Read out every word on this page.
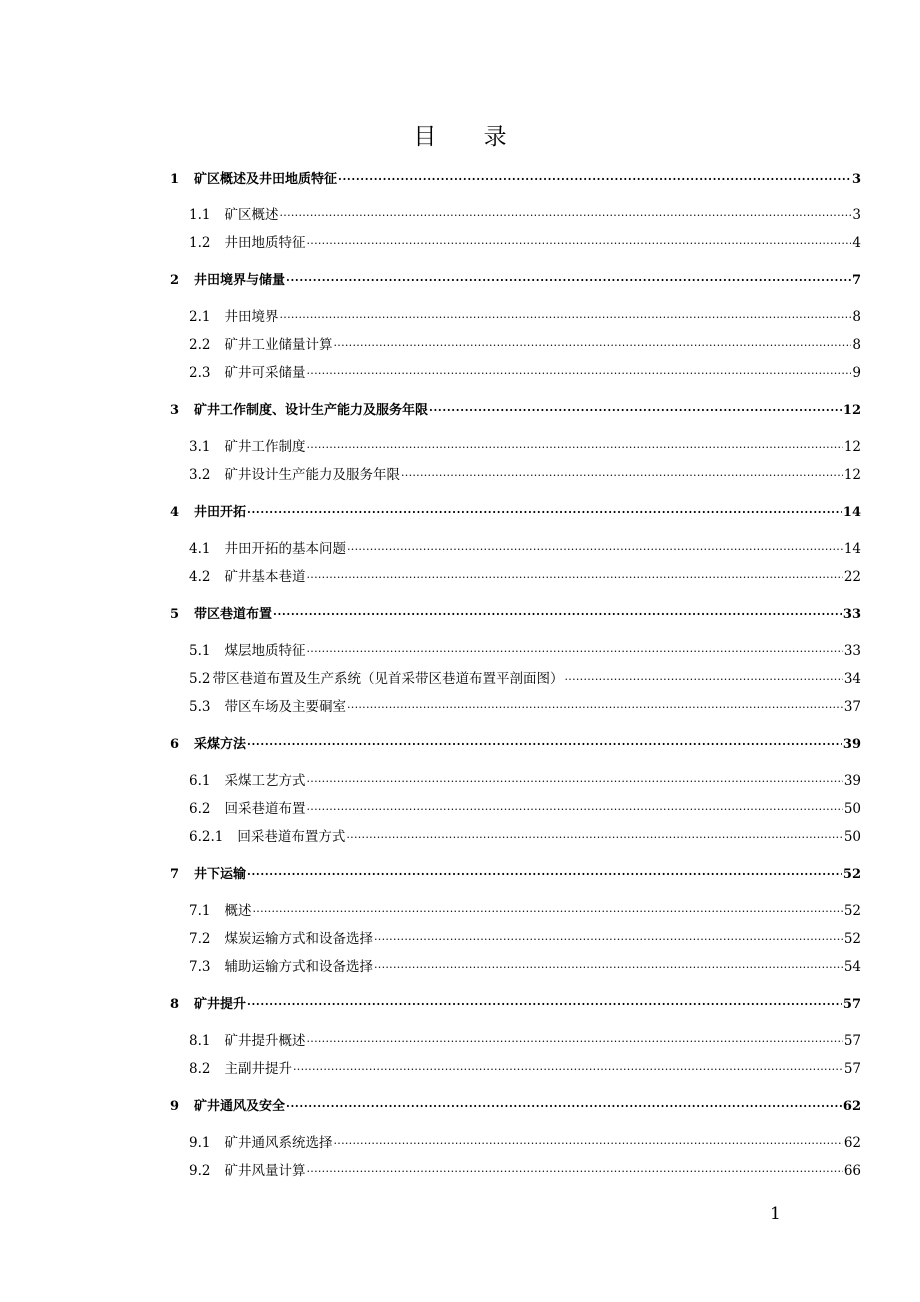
目 录
1	矿区概述及井田地质特征 . . .	3
1.1 矿区概述 . . .	3
1.2 井田地质特征 . . .	4
2	井田境界与储量 . . .	7
2.1 井田境界 . . .	8
2.2 矿井工业储量计算 . . .	8
2.3 矿井可采储量 . . .	9
3	矿井工作制度、设计生产能力及服务年限 . . .	12
3.1 矿井工作制度 . . .	12
3.2 矿井设计生产能力及服务年限 . . .	12
4	井田开拓 . . .	14
4.1 井田开拓的基本问题 . . .	14
4.2 矿井基本巷道 . . .	22
5	带区巷道布置 . . .	33
5.1 煤层地质特征 . . .	33
5.2 带区巷道布置及生产系统（见首采带区巷道布置平剖面图） . . .	34
5.3 带区车场及主要硐室 . . .	37
6	采煤方法 . . .	39
6.1 采煤工艺方式 . . .	39
6.2 回采巷道布置 . . .	50
6.2.1 回采巷道布置方式 . . .	50
7	井下运输 . . .	52
7.1 概述 . . .	52
7.2 煤炭运输方式和设备选择 . . .	52
7.3 辅助运输方式和设备选择 . . .	54
8	矿井提升 . . .	57
8.1 矿井提升概述 . . .	57
8.2 主副井提升 . . .	57
9	矿井通风及安全 . . .	62
9.1 矿井通风系统选择 . . .	62
9.2 矿井风量计算 . . .	66
1
